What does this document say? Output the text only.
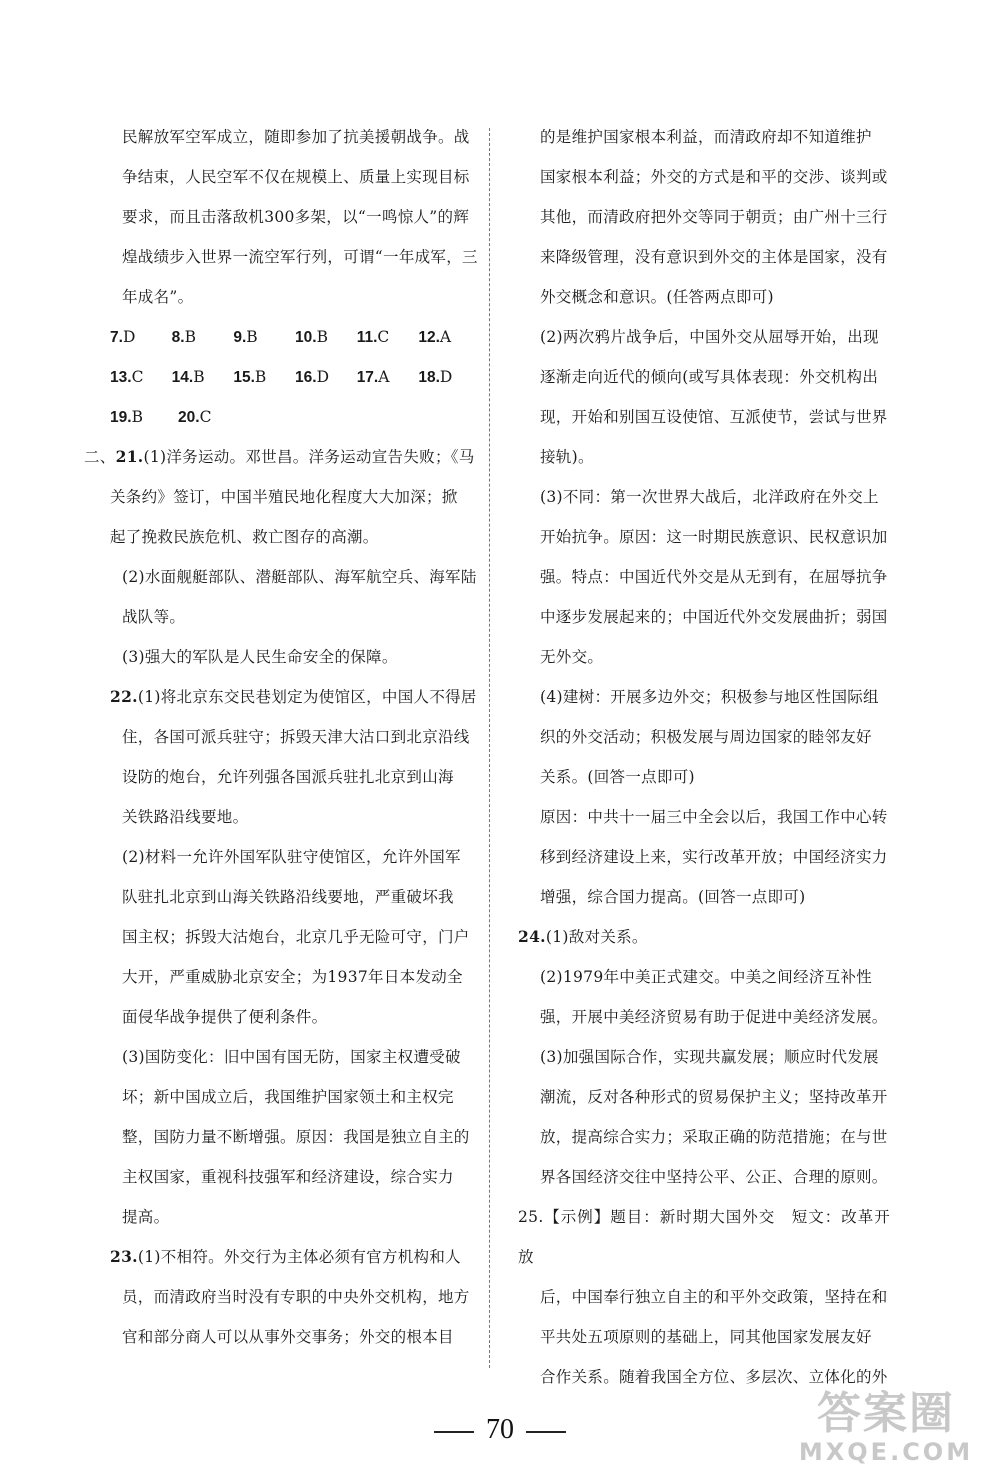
民解放军空军成立，随即参加了抗美援朝战争。战

争结束，人民空军不仅在规模上、质量上实现目标

要求，而且击落敌机300多架，以“一鸣惊人”的辉

煌战绩步入世界一流空军行列，可谓“一年成军，三

年成名”。

7.D	8.B	9.B	10.B	11.C	12.A
13.C	14.B	15.B	16.D	17.A	18.D
19.B	20.C

二、21.(1)洋务运动。邓世昌。洋务运动宣告失败；《马

关条约》签订，中国半殖民地化程度大大加深；掀

起了挽救民族危机、救亡图存的高潮。

(2)水面舰艇部队、潜艇部队、海军航空兵、海军陆

战队等。

(3)强大的军队是人民生命安全的保障。

22.(1)将北京东交民巷划定为使馆区，中国人不得居

住，各国可派兵驻守；拆毁天津大沽口到北京沿线

设防的炮台，允许列强各国派兵驻扎北京到山海

关铁路沿线要地。

(2)材料一允许外国军队驻守使馆区，允许外国军

队驻扎北京到山海关铁路沿线要地，严重破坏我

国主权；拆毁大沽炮台，北京几乎无险可守，门户

大开，严重威胁北京安全；为1937年日本发动全

面侵华战争提供了便利条件。

(3)国防变化：旧中国有国无防，国家主权遭受破

坏；新中国成立后，我国维护国家领土和主权完

整，国防力量不断增强。原因：我国是独立自主的

主权国家，重视科技强军和经济建设，综合实力

提高。

23.(1)不相符。外交行为主体必须有官方机构和人

员，而清政府当时没有专职的中央外交机构，地方

官和部分商人可以从事外交事务；外交的根本目

的是维护国家根本利益，而清政府却不知道维护

国家根本利益；外交的方式是和平的交涉、谈判或

其他，而清政府把外交等同于朝贡；由广州十三行

来降级管理，没有意识到外交的主体是国家，没有

外交概念和意识。(任答两点即可)

(2)两次鸦片战争后，中国外交从屈辱开始，出现

逐渐走向近代的倾向(或写具体表现：外交机构出

现，开始和别国互设使馆、互派使节，尝试与世界

接轨)。

(3)不同：第一次世界大战后，北洋政府在外交上

开始抗争。原因：这一时期民族意识、民权意识加

强。特点：中国近代外交是从无到有，在屈辱抗争

中逐步发展起来的；中国近代外交发展曲折；弱国

无外交。

(4)建树：开展多边外交；积极参与地区性国际组

织的外交活动；积极发展与周边国家的睦邻友好

关系。(回答一点即可)

原因：中共十一届三中全会以后，我国工作中心转

移到经济建设上来，实行改革开放；中国经济实力

增强，综合国力提高。(回答一点即可)

24.(1)敌对关系。

(2)1979年中美正式建交。中美之间经济互补性

强，开展中美经济贸易有助于促进中美经济发展。

(3)加强国际合作，实现共赢发展；顺应时代发展

潮流，反对各种形式的贸易保护主义；坚持改革开

放，提高综合实力；采取正确的防范措施；在与世

界各国经济交往中坚持公平、公正、合理的原则。

25.【示例】题目：新时期大国外交　短文：改革开放

后，中国奉行独立自主的和平外交政策，坚持在和

平共处五项原则的基础上，同其他国家发展友好

合作关系。随着我国全方位、多层次、立体化的外

70	答案圈
MXQE.COM
